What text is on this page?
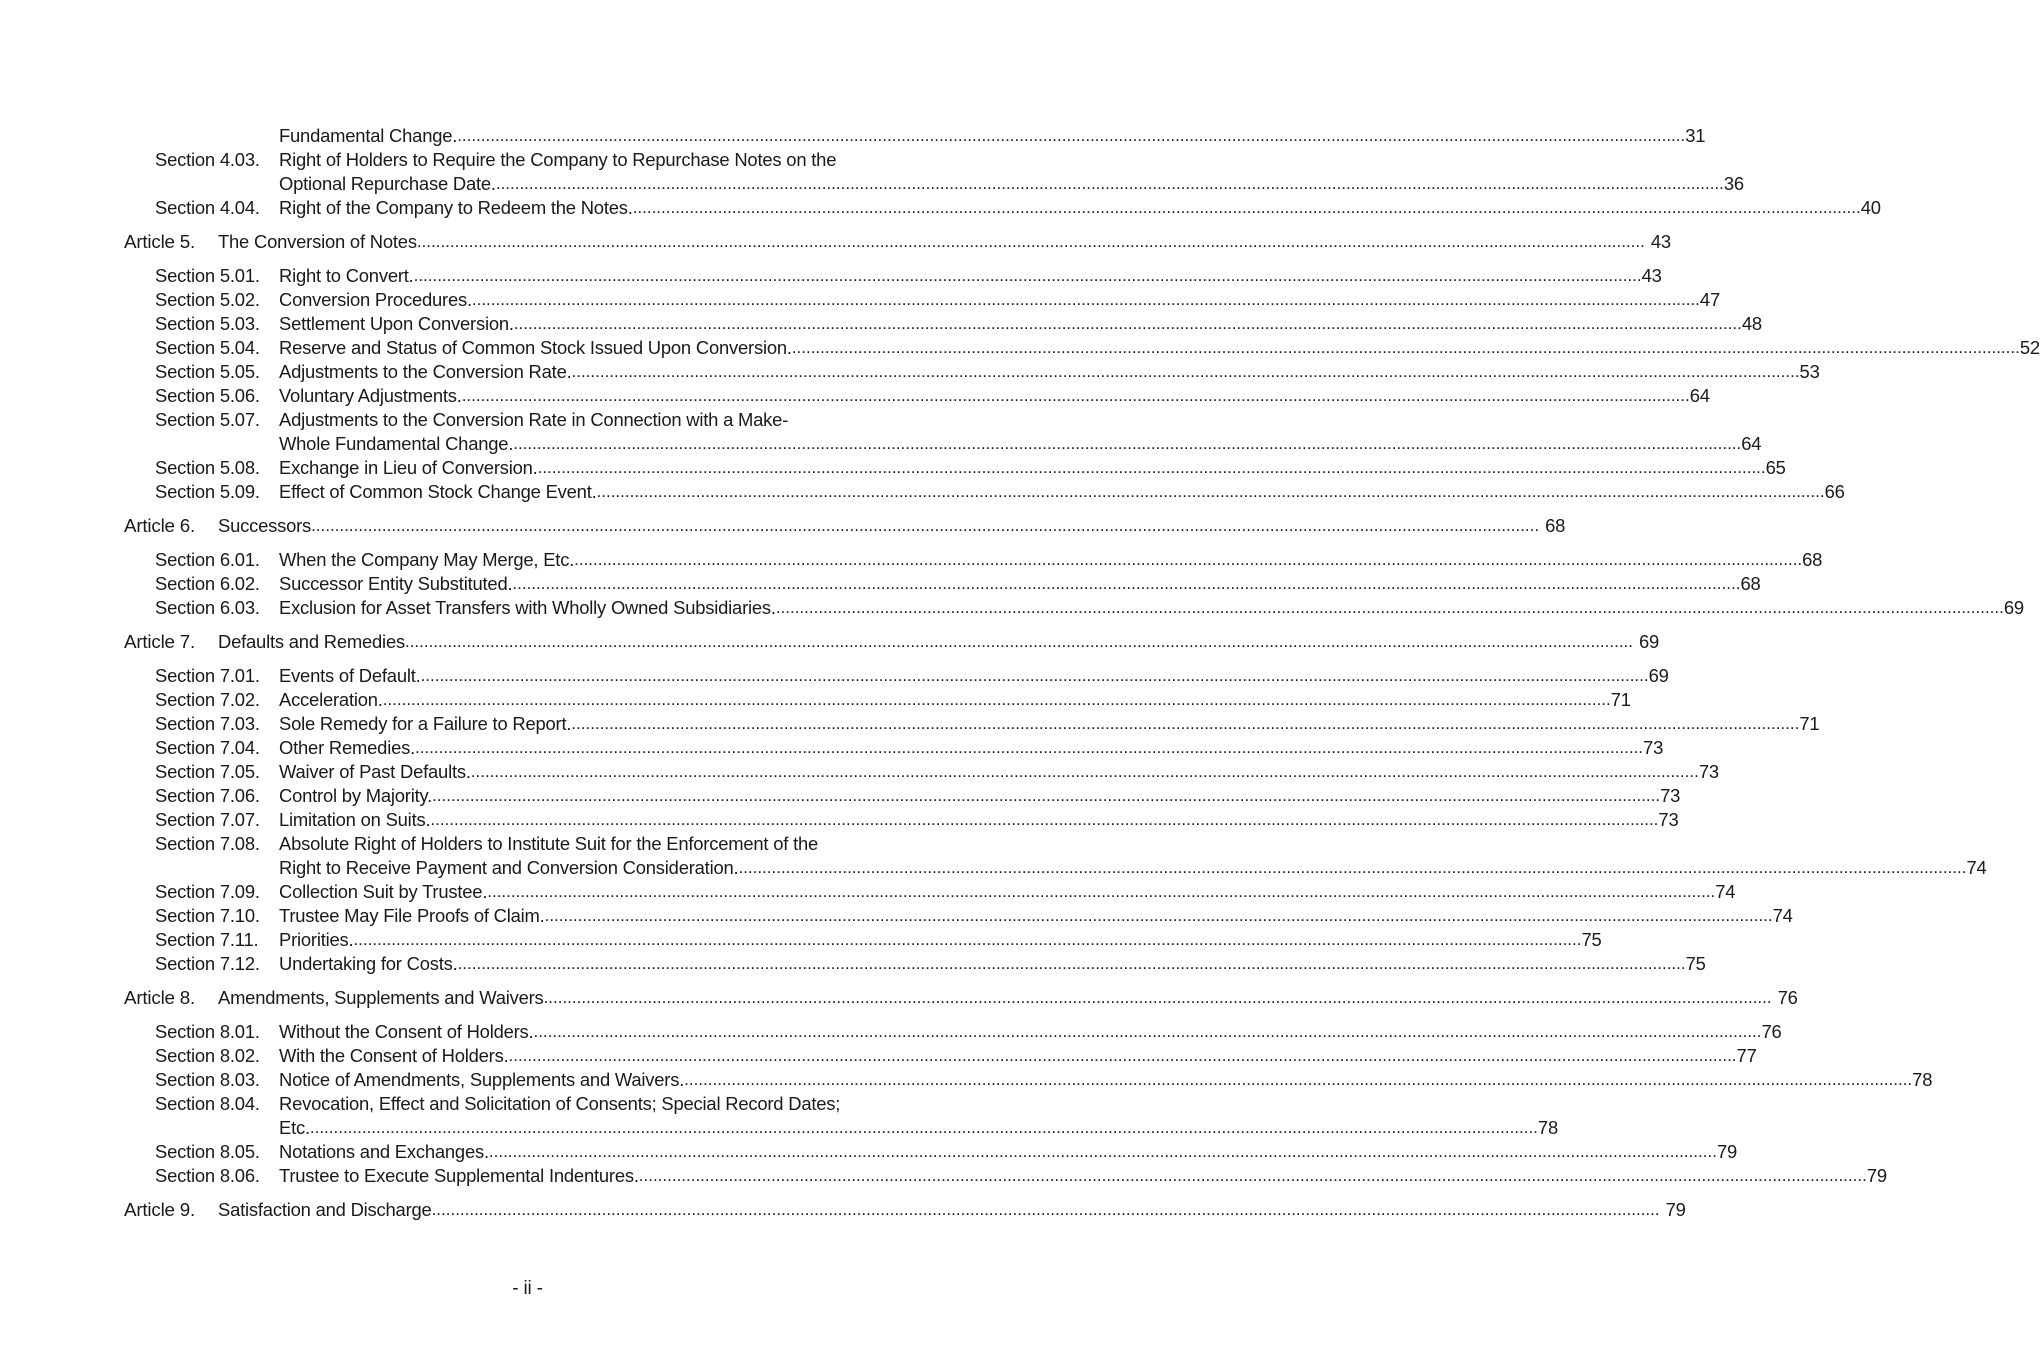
Fundamental Change. .................................................................................................................................................................................................................................................................... 31
Section 4.03. Right of Holders to Require the Company to Repurchase Notes on the
Optional Repurchase Date. .................................................................................................................................................................................................................................................................... 36
Section 4.04. Right of the Company to Redeem the Notes. .................................................................................................................................................................................................................................................................... 40
Article 5. The Conversion of Notes .................................................................................................................................................................................................................................................................... 43
Section 5.01. Right to Convert. .................................................................................................................................................................................................................................................................... 43
Section 5.02. Conversion Procedures. .................................................................................................................................................................................................................................................................... 47
Section 5.03. Settlement Upon Conversion. .................................................................................................................................................................................................................................................................... 48
Section 5.04. Reserve and Status of Common Stock Issued Upon Conversion. .................................................................................................................................................................................................................................................................... 52
Section 5.05. Adjustments to the Conversion Rate. .................................................................................................................................................................................................................................................................... 53
Section 5.06. Voluntary Adjustments. .................................................................................................................................................................................................................................................................... 64
Section 5.07. Adjustments to the Conversion Rate in Connection with a Make-
Whole Fundamental Change. .................................................................................................................................................................................................................................................................... 64
Section 5.08. Exchange in Lieu of Conversion. .................................................................................................................................................................................................................................................................... 65
Section 5.09. Effect of Common Stock Change Event. .................................................................................................................................................................................................................................................................... 66
Article 6. Successors .................................................................................................................................................................................................................................................................... 68
Section 6.01. When the Company May Merge, Etc. .................................................................................................................................................................................................................................................................... 68
Section 6.02. Successor Entity Substituted. .................................................................................................................................................................................................................................................................... 68
Section 6.03. Exclusion for Asset Transfers with Wholly Owned Subsidiaries. .................................................................................................................................................................................................................................................................... 69
Article 7. Defaults and Remedies .................................................................................................................................................................................................................................................................... 69
Section 7.01. Events of Default. .................................................................................................................................................................................................................................................................... 69
Section 7.02. Acceleration. .................................................................................................................................................................................................................................................................... 71
Section 7.03. Sole Remedy for a Failure to Report. .................................................................................................................................................................................................................................................................... 71
Section 7.04. Other Remedies. .................................................................................................................................................................................................................................................................... 73
Section 7.05. Waiver of Past Defaults. .................................................................................................................................................................................................................................................................... 73
Section 7.06. Control by Majority. .................................................................................................................................................................................................................................................................... 73
Section 7.07. Limitation on Suits. .................................................................................................................................................................................................................................................................... 73
Section 7.08. Absolute Right of Holders to Institute Suit for the Enforcement of the
Right to Receive Payment and Conversion Consideration. .................................................................................................................................................................................................................................................................... 74
Section 7.09. Collection Suit by Trustee. .................................................................................................................................................................................................................................................................... 74
Section 7.10. Trustee May File Proofs of Claim. .................................................................................................................................................................................................................................................................... 74
Section 7.11. Priorities. .................................................................................................................................................................................................................................................................... 75
Section 7.12. Undertaking for Costs. .................................................................................................................................................................................................................................................................... 75
Article 8. Amendments, Supplements and Waivers .................................................................................................................................................................................................................................................................... 76
Section 8.01. Without the Consent of Holders. .................................................................................................................................................................................................................................................................... 76
Section 8.02. With the Consent of Holders. .................................................................................................................................................................................................................................................................... 77
Section 8.03. Notice of Amendments, Supplements and Waivers. .................................................................................................................................................................................................................................................................... 78
Section 8.04. Revocation, Effect and Solicitation of Consents; Special Record Dates;
Etc. .................................................................................................................................................................................................................................................................... 78
Section 8.05. Notations and Exchanges. .................................................................................................................................................................................................................................................................... 79
Section 8.06. Trustee to Execute Supplemental Indentures. .................................................................................................................................................................................................................................................................... 79
Article 9. Satisfaction and Discharge .................................................................................................................................................................................................................................................................... 79
- ii -
